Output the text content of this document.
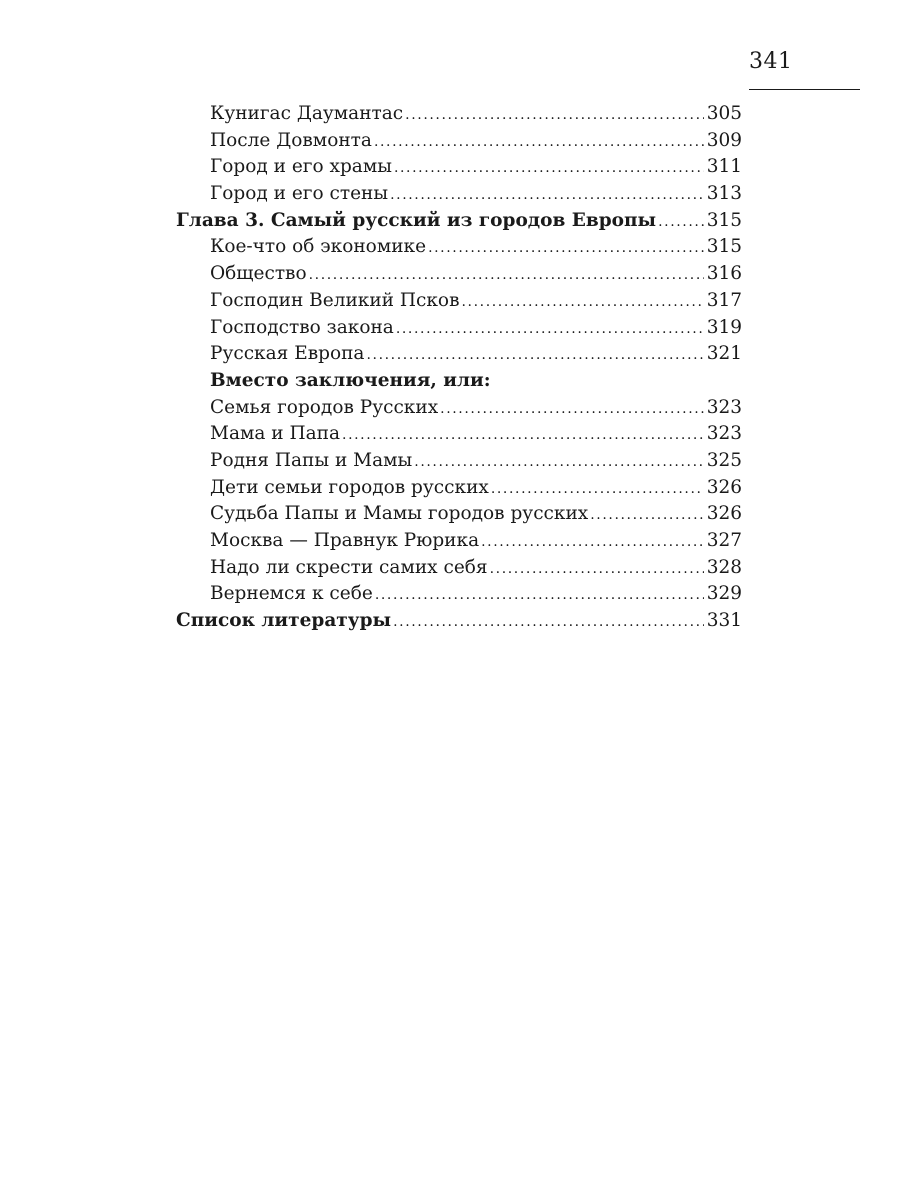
341
Кунигас Даумантас .....	305
После Довмонта .....	309
Город и его храмы .....	311
Город и его стены .....	313
Глава 3. Самый русский из городов Европы .....	315
Кое-что об экономике .....	315
Общество .....	316
Господин Великий Псков .....	317
Господство закона .....	319
Русская Европа .....	321
Вместо заключения, или:
Семья городов Русских .....	323
Мама и Папа .....	323
Родня Папы и Мамы .....	325
Дети семьи городов русских .....	326
Судьба Папы и Мамы городов русских .....	326
Москва — Правнук Рюрика .....	327
Надо ли скрести самих себя .....	328
Вернемся к себе .....	329
Список литературы .....	331
